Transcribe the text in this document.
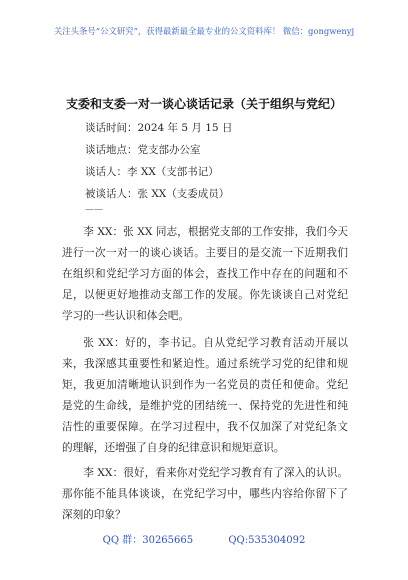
关注头条号“公文研究”，获得最新最全最专业的公文资料库！ 微信：gongwenyj
支委和支委一对一谈心谈话记录（关于组织与党纪）
谈话时间：2024 年 5 月 15 日
谈话地点：党支部办公室
谈话人：李 XX（支部书记）
被谈话人：张 XX（支委成员）
——

李 XX：张 XX 同志，根据党支部的工作安排，我们今天进行一次一对一的谈心谈话。主要目的是交流一下近期我们在组织和党纪学习方面的体会，查找工作中存在的问题和不足，以便更好地推动支部工作的发展。你先谈谈自己对党纪学习的一些认识和体会吧。

张 XX：好的，李书记。自从党纪学习教育活动开展以来，我深感其重要性和紧迫性。通过系统学习党的纪律和规矩，我更加清晰地认识到作为一名党员的责任和使命。党纪是党的生命线，是维护党的团结统一、保持党的先进性和纯洁性的重要保障。在学习过程中，我不仅加深了对党纪条文的理解，还增强了自身的纪律意识和规矩意识。

李 XX：很好，看来你对党纪学习教育有了深入的认识。那你能不能具体谈谈，在党纪学习中，哪些内容给你留下了深刻的印象？

QQ 群：30265665	QQ:535304092
